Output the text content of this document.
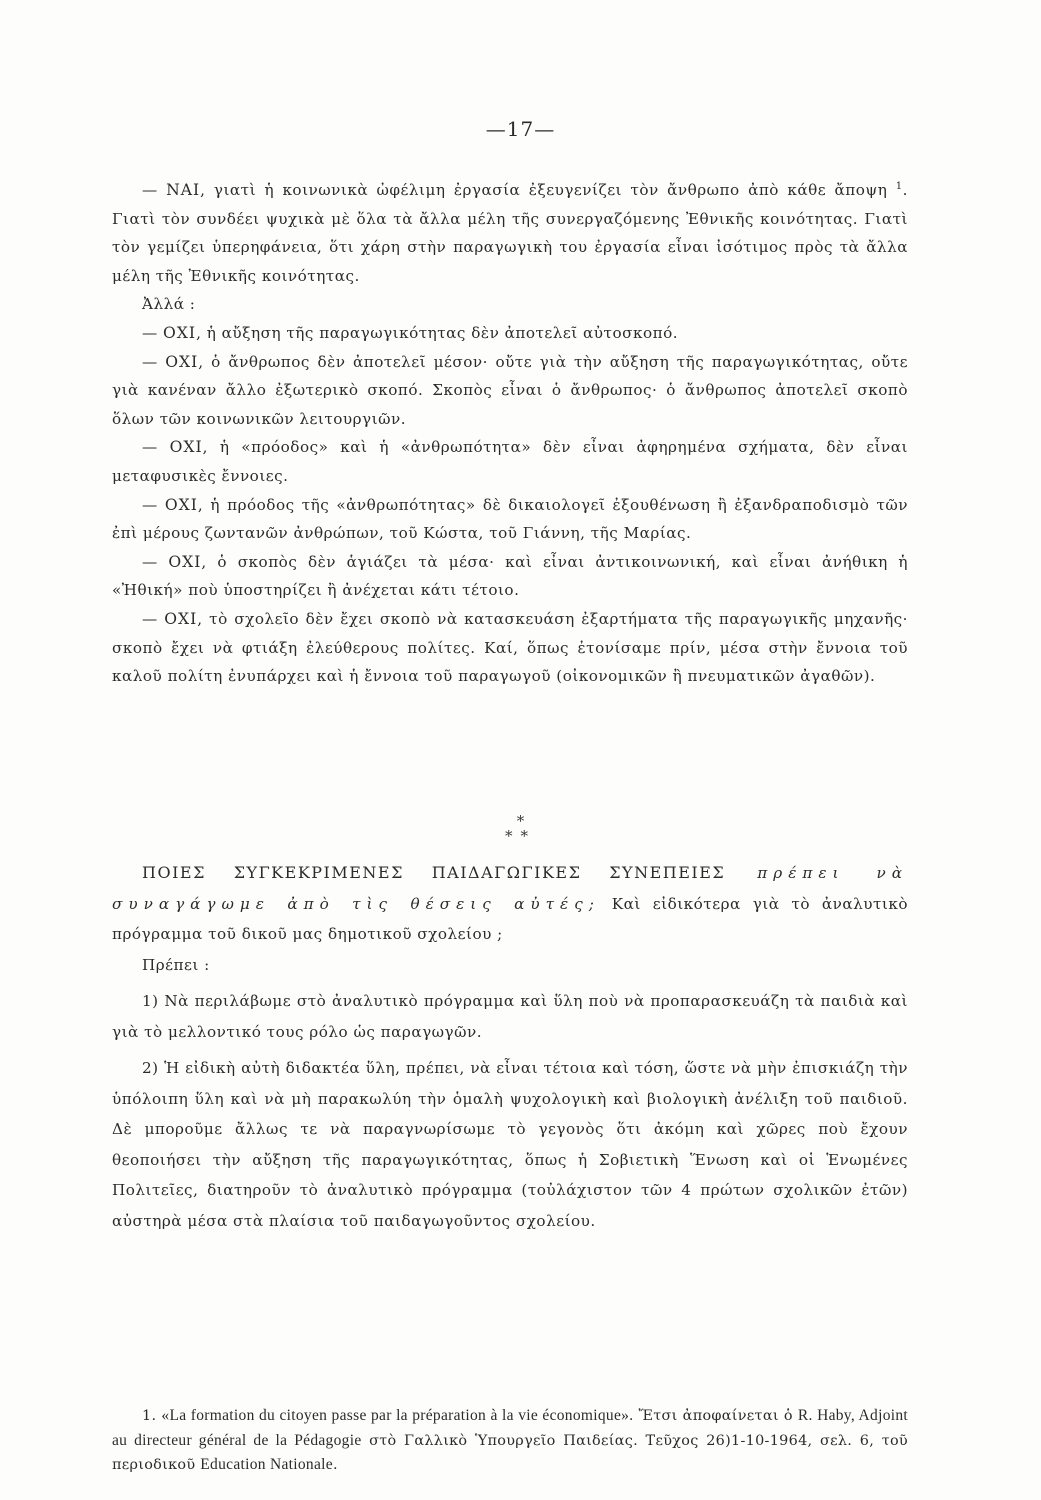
—17—

— ΝΑΙ, γιατὶ ἡ κοινωνικὰ ὠφέλιμη ἐργασία ἐξευγενίζει τὸν ἄνθρωπο ἀπὸ κάθε ἄποψη $^1$. Γιατὶ τὸν συνδέει ψυχικὰ μὲ ὅλα τὰ ἄλλα μέλη τῆς συνεργαζόμενης Ἐθνικῆς κοινότητας. Γιατὶ τὸν γεμίζει ὑπερηφάνεια, ὅτι χάρη στὴν παραγωγικὴ του ἐργασία εἶναι ἰσότιμος πρὸς τὰ ἄλλα μέλη τῆς Ἐθνικῆς κοινότητας.

Ἀλλά :

— ΟΧΙ, ἡ αὔξηση τῆς παραγωγικότητας δὲν ἀποτελεῖ αὐτοσκοπό.

— ΟΧΙ, ὁ ἄνθρωπος δὲν ἀποτελεῖ μέσον· οὔτε γιὰ τὴν αὔξηση τῆς παραγωγικότητας, οὔτε γιὰ κανέναν ἄλλο ἐξωτερικὸ σκοπό. Σκοπὸς εἶναι ὁ ἄνθρωπος· ὁ ἄνθρωπος ἀποτελεῖ σκοπὸ ὅλων τῶν κοινωνικῶν λειτουργιῶν.

— ΟΧΙ, ἡ «πρόοδος» καὶ ἡ «ἀνθρωπότητα» δὲν εἶναι ἀφηρημένα σχήματα, δὲν εἶναι μεταφυσικὲς ἔννοιες.

— ΟΧΙ, ἡ πρόοδος τῆς «ἀνθρωπότητας» δὲ δικαιολογεῖ ἐξουθένωση ἢ ἐξανδραποδισμὸ τῶν ἐπὶ μέρους ζωντανῶν ἀνθρώπων, τοῦ Κώστα, τοῦ Γιάννη, τῆς Μαρίας.

— ΟΧΙ, ὁ σκοπὸς δὲν ἁγιάζει τὰ μέσα· καὶ εἶναι ἀντικοινωνική, καὶ εἶναι ἀνήθικη ἡ «Ἠθική» ποὺ ὑποστηρίζει ἢ ἀνέχεται κάτι τέτοιο.

— ΟΧΙ, τὸ σχολεῖο δὲν ἔχει σκοπὸ νὰ κατασκευάση ἐξαρτήματα τῆς παραγωγικῆς μηχανῆς· σκοπὸ ἔχει νὰ φτιάξη ἐλεύθερους πολίτες. Καί, ὅπως ἐτονίσαμε πρίν, μέσα στὴν ἔννοια τοῦ καλοῦ πολίτη ἐνυπάρχει καὶ ἡ ἔννοια τοῦ παραγωγοῦ (οἰκονομικῶν ἢ πνευματικῶν ἀγαθῶν).

*
**

ΠΟΙΕΣ ΣΥΓΚΕΚΡΙΜΕΝΕΣ ΠΑΙΔΑΓΩΓΙΚΕΣ ΣΥΝΕΠΕΙΕΣ πρέπει νὰ συναγάγωμε ἀπὸ τὶς θέσεις αὐτές; Καὶ εἰδικότερα γιὰ τὸ ἀναλυτικὸ πρόγραμμα τοῦ δικοῦ μας δημοτικοῦ σχολείου ;

Πρέπει :

1) Νὰ περιλάβωμε στὸ ἀναλυτικὸ πρόγραμμα καὶ ὕλη ποὺ νὰ προπαρασκευάζη τὰ παιδιὰ καὶ γιὰ τὸ μελλοντικό τους ρόλο ὡς παραγωγῶν.

2) Ἡ εἰδικὴ αὐτὴ διδακτέα ὕλη, πρέπει, νὰ εἶναι τέτοια καὶ τόση, ὥστε νὰ μὴν ἐπισκιάζη τὴν ὑπόλοιπη ὕλη καὶ νὰ μὴ παρακωλύη τὴν ὁμαλὴ ψυχολογικὴ καὶ βιολογικὴ ἀνέλιξη τοῦ παιδιοῦ. Δὲ μποροῦμε ἄλλως τε νὰ παραγνωρίσωμε τὸ γεγονὸς ὅτι ἀκόμη καὶ χῶρες ποὺ ἔχουν θεοποιήσει τὴν αὔξηση τῆς παραγωγικότητας, ὅπως ἡ Σοβιετικὴ Ἕνωση καὶ οἱ Ἑνωμένες Πολιτεῖες, διατηροῦν τὸ ἀναλυτικὸ πρόγραμμα (τοὐλάχιστον τῶν 4 πρώτων σχολικῶν ἐτῶν) αὐστηρὰ μέσα στὰ πλαίσια τοῦ παιδαγωγοῦντος σχολείου.

1. «La formation du citoyen passe par la préparation à la vie économique». Ἔτσι ἀποφαίνεται ὁ R. Haby, Adjoint au directeur général de la Pédagogie στὸ Γαλλικὸ Ὑπουργεῖο Παιδείας. Τεῦχος 26)1-10-1964, σελ. 6, τοῦ περιοδικοῦ Education Nationale.
